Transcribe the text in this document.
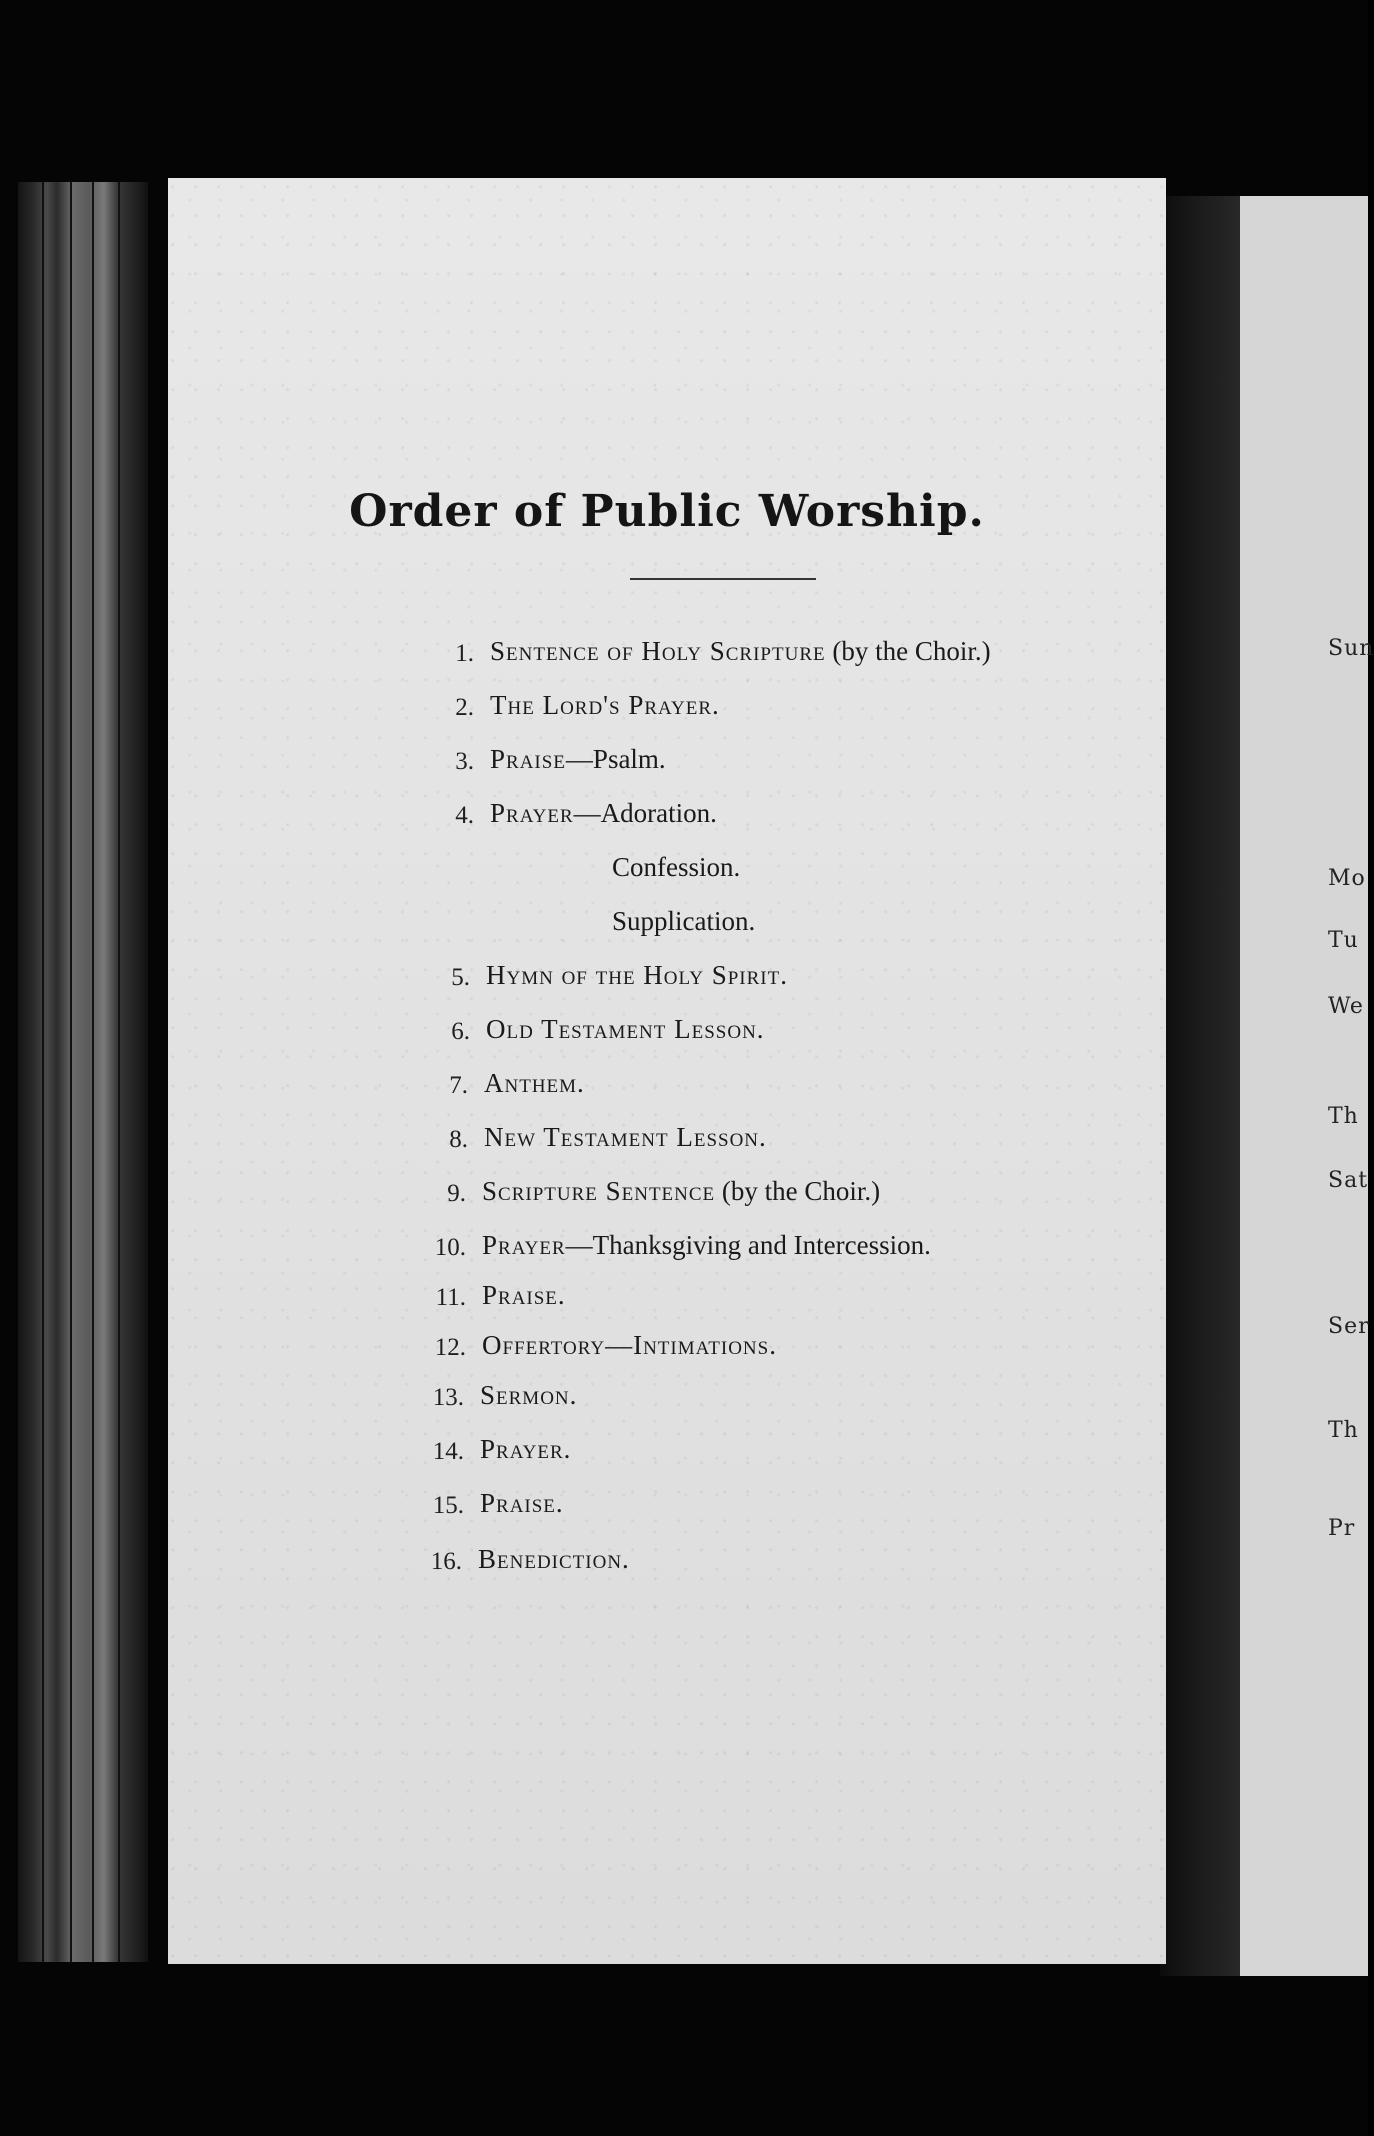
Sun
Mo
Tu
We
Th
Sat
Ser
Th
Pr
Order of Public Worship.
1. Sentence of Holy Scripture (by the Choir.)
2. The Lord's Prayer.
3. Praise—Psalm.
4. Prayer—Adoration.
Confession.
Supplication.
5. Hymn of the Holy Spirit.
6. Old Testament Lesson.
7. Anthem.
8. New Testament Lesson.
9. Scripture Sentence (by the Choir.)
10. Prayer—Thanksgiving and Intercession.
11. Praise.
12. Offertory—Intimations.
13. Sermon.
14. Prayer.
15. Praise.
16. Benediction.
